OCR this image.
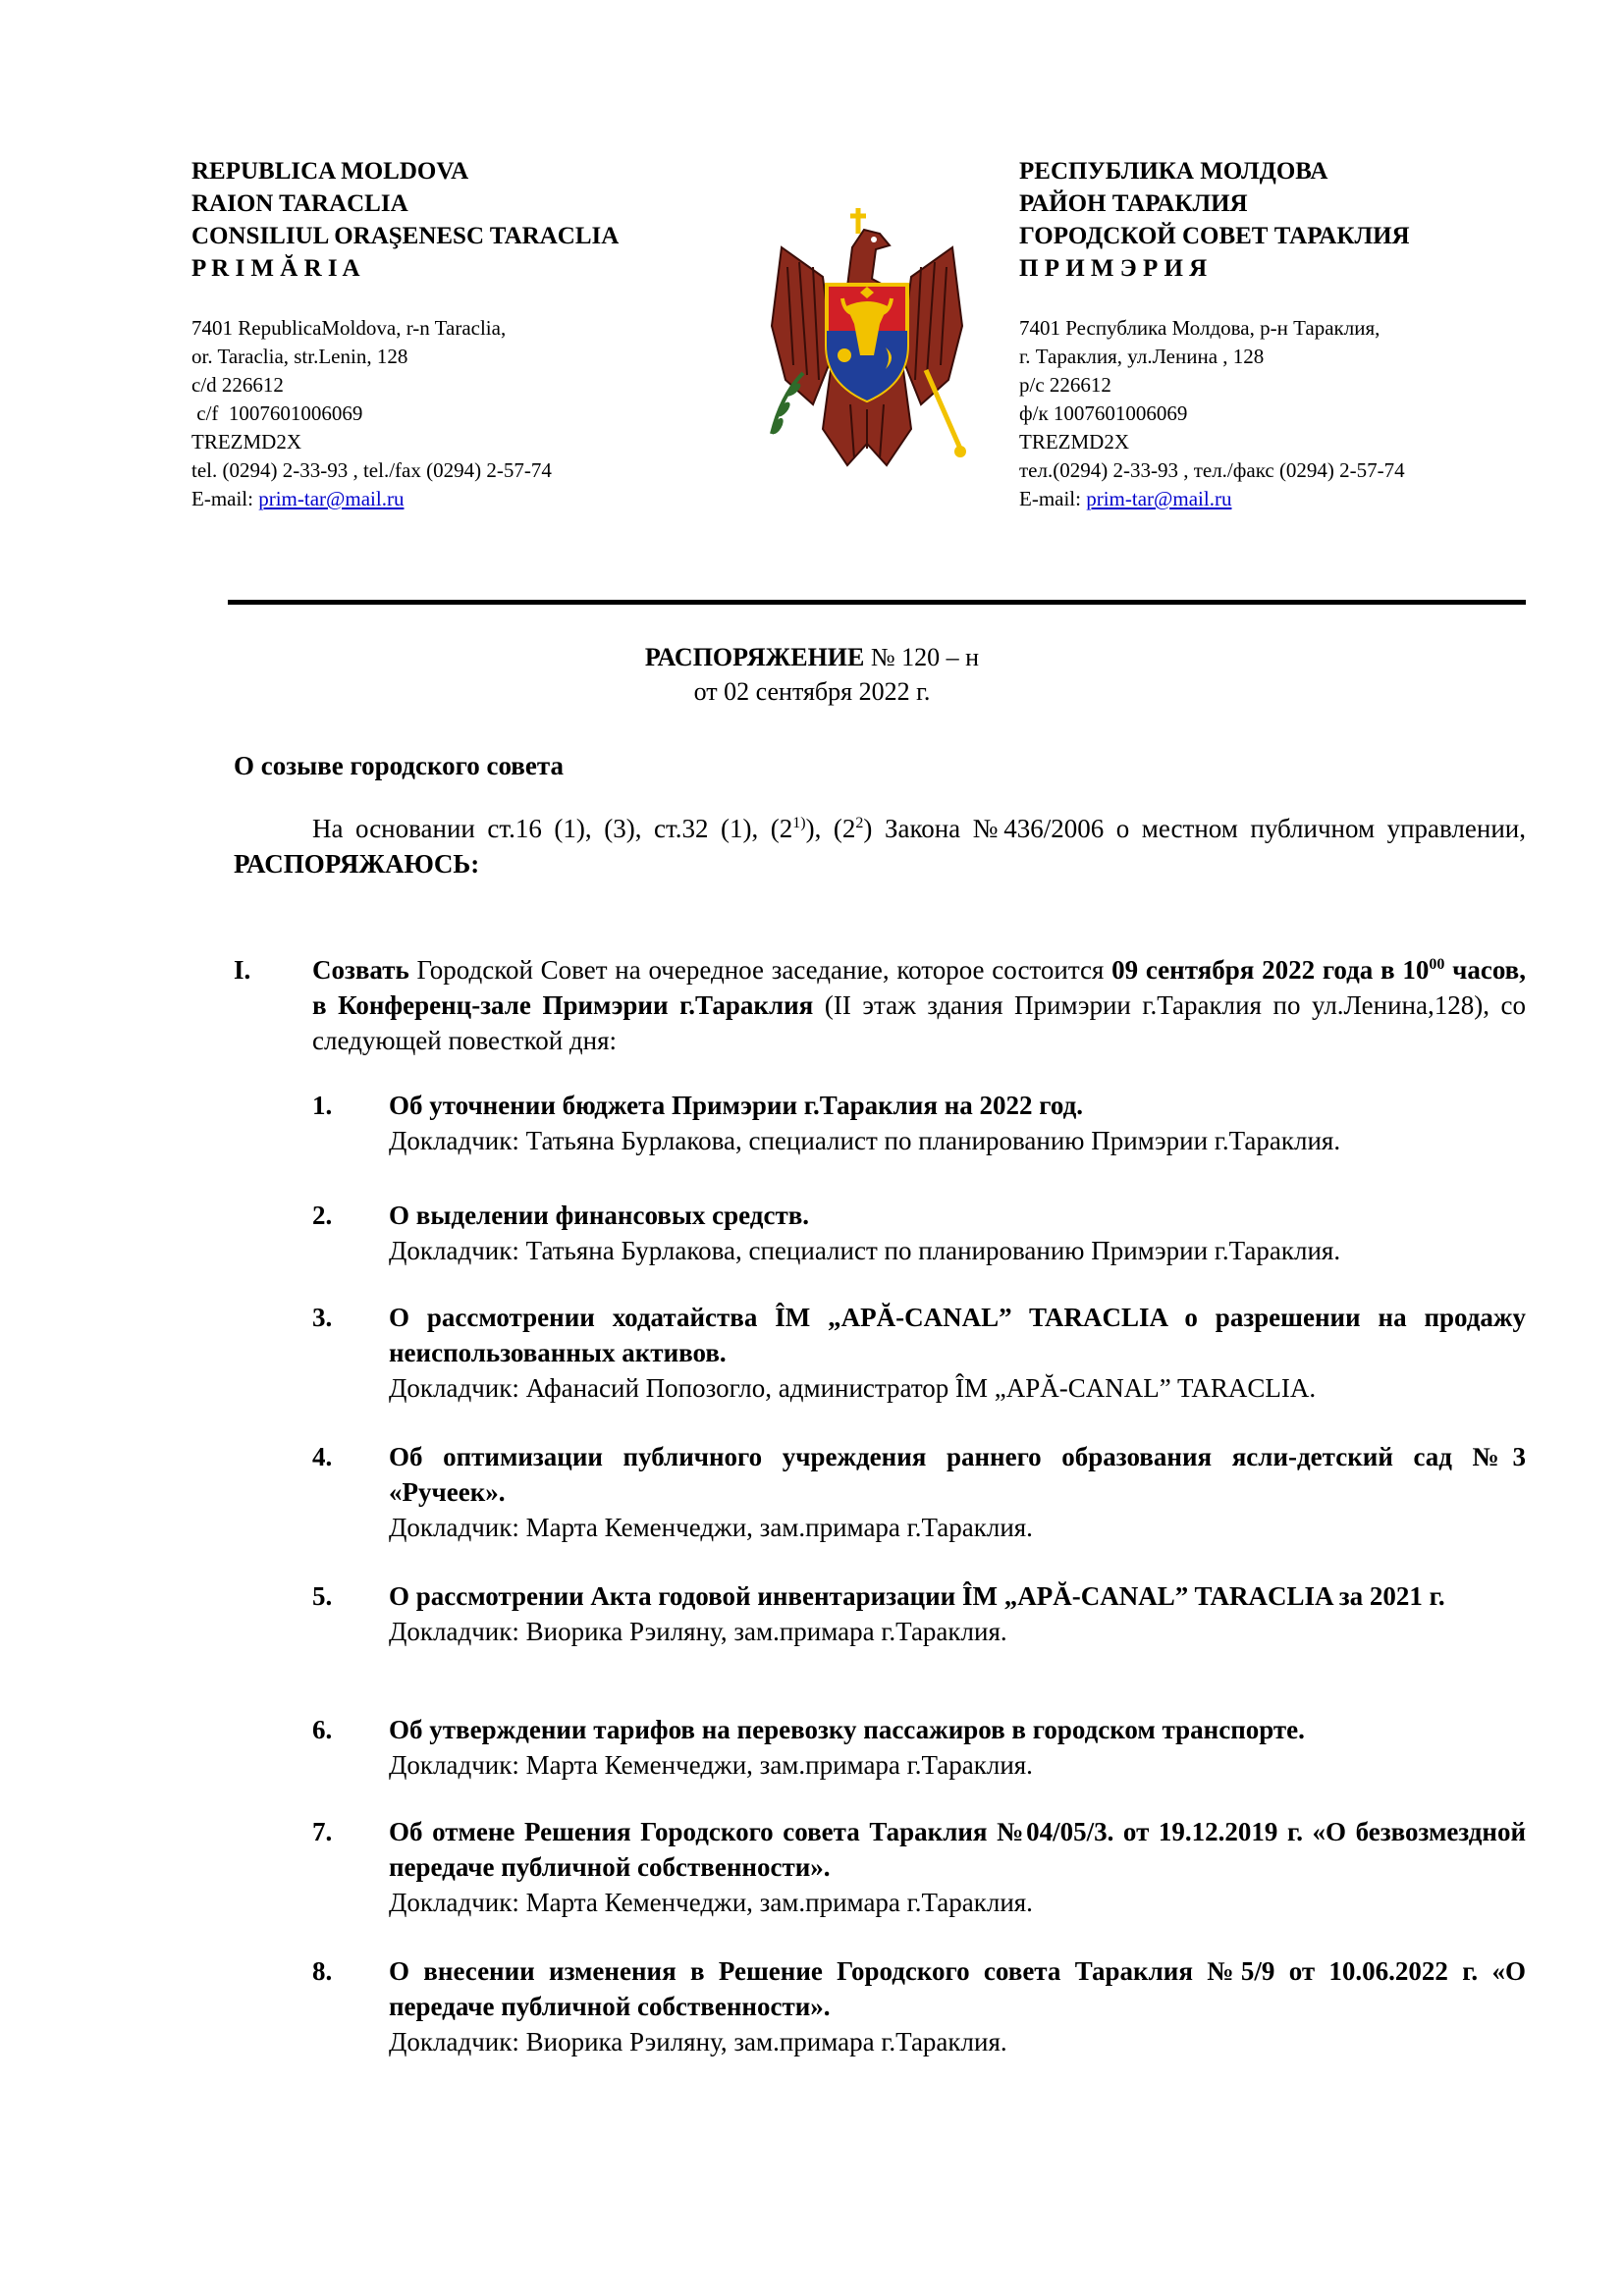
REPUBLICA MOLDOVA
RAION TARACLIA
CONSILIUL ORAŞENESC TARACLIA
P R I M Ă R I A
7401 RepublicaMoldova, r-n Taraclia,
or. Taraclia, str.Lenin, 128
c/d 226612
c/f  1007601006069
TREZMD2X
tel. (0294) 2-33-93 , tel./fax (0294) 2-57-74
E-mail: prim-tar@mail.ru
РЕСПУБЛИКА МОЛДОВА
РАЙОН ТАРАКЛИЯ
ГОРОДСКОЙ СОВЕТ ТАРАКЛИЯ
П Р И М Э Р И Я
7401 Республика Молдова, р-н Тараклия,
г. Тараклия, ул.Ленина , 128
р/с 226612
ф/к 1007601006069
TREZMD2X
тел.(0294) 2-33-93 , тел./факс (0294) 2-57-74
E-mail: prim-tar@mail.ru
РАСПОРЯЖЕНИЕ № 120 – н
от 02 сентября 2022 г.
О созыве городского совета
На основании ст.16 (1), (3), ст.32 (1), (2$^{1)}$), $(2^2)$ Закона №436/2006 о местном публичном управлении, РАСПОРЯЖАЮСЬ:
I. Созвать Городской Совет на очередное заседание, которое состоится 09 сентября 2022 года в $10^{00}$ часов, в Конференц-зале Примэрии г.Тараклия (II этаж здания Примэрии г.Тараклия по ул.Ленина,128), со следующей повесткой дня:
1. Об уточнении бюджета Примэрии г.Тараклия на 2022 год.
Докладчик: Татьяна Бурлакова, специалист по планированию Примэрии г.Тараклия.
2. О выделении финансовых средств.
Докладчик: Татьяна Бурлакова, специалист по планированию Примэрии г.Тараклия.
3. О рассмотрении ходатайства ÎM „APĂ-CANAL” TARACLIA о разрешении на продажу неиспользованных активов.
Докладчик: Афанасий Попозогло, администратор ÎM „APĂ-CANAL” TARACLIA.
4. Об оптимизации публичного учреждения раннего образования ясли-детский сад №3 «Ручеек».
Докладчик: Марта Кеменчеджи, зам.примара г.Тараклия.
5. О рассмотрении Акта годовой инвентаризации ÎM „APĂ-CANAL” TARACLIA за 2021 г.
Докладчик: Виорика Рэиляну, зам.примара г.Тараклия.
6. Об утверждении тарифов на перевозку пассажиров в городском транспорте.
Докладчик: Марта Кеменчеджи, зам.примара г.Тараклия.
7. Об отмене Решения Городского совета Тараклия №04/05/3. от 19.12.2019 г. «О безвозмездной передаче публичной собственности».
Докладчик: Марта Кеменчеджи, зам.примара г.Тараклия.
8. О внесении изменения в Решение Городского совета Тараклия №5/9 от 10.06.2022 г. «О передаче публичной собственности».
Докладчик: Виорика Рэиляну, зам.примара г.Тараклия.
